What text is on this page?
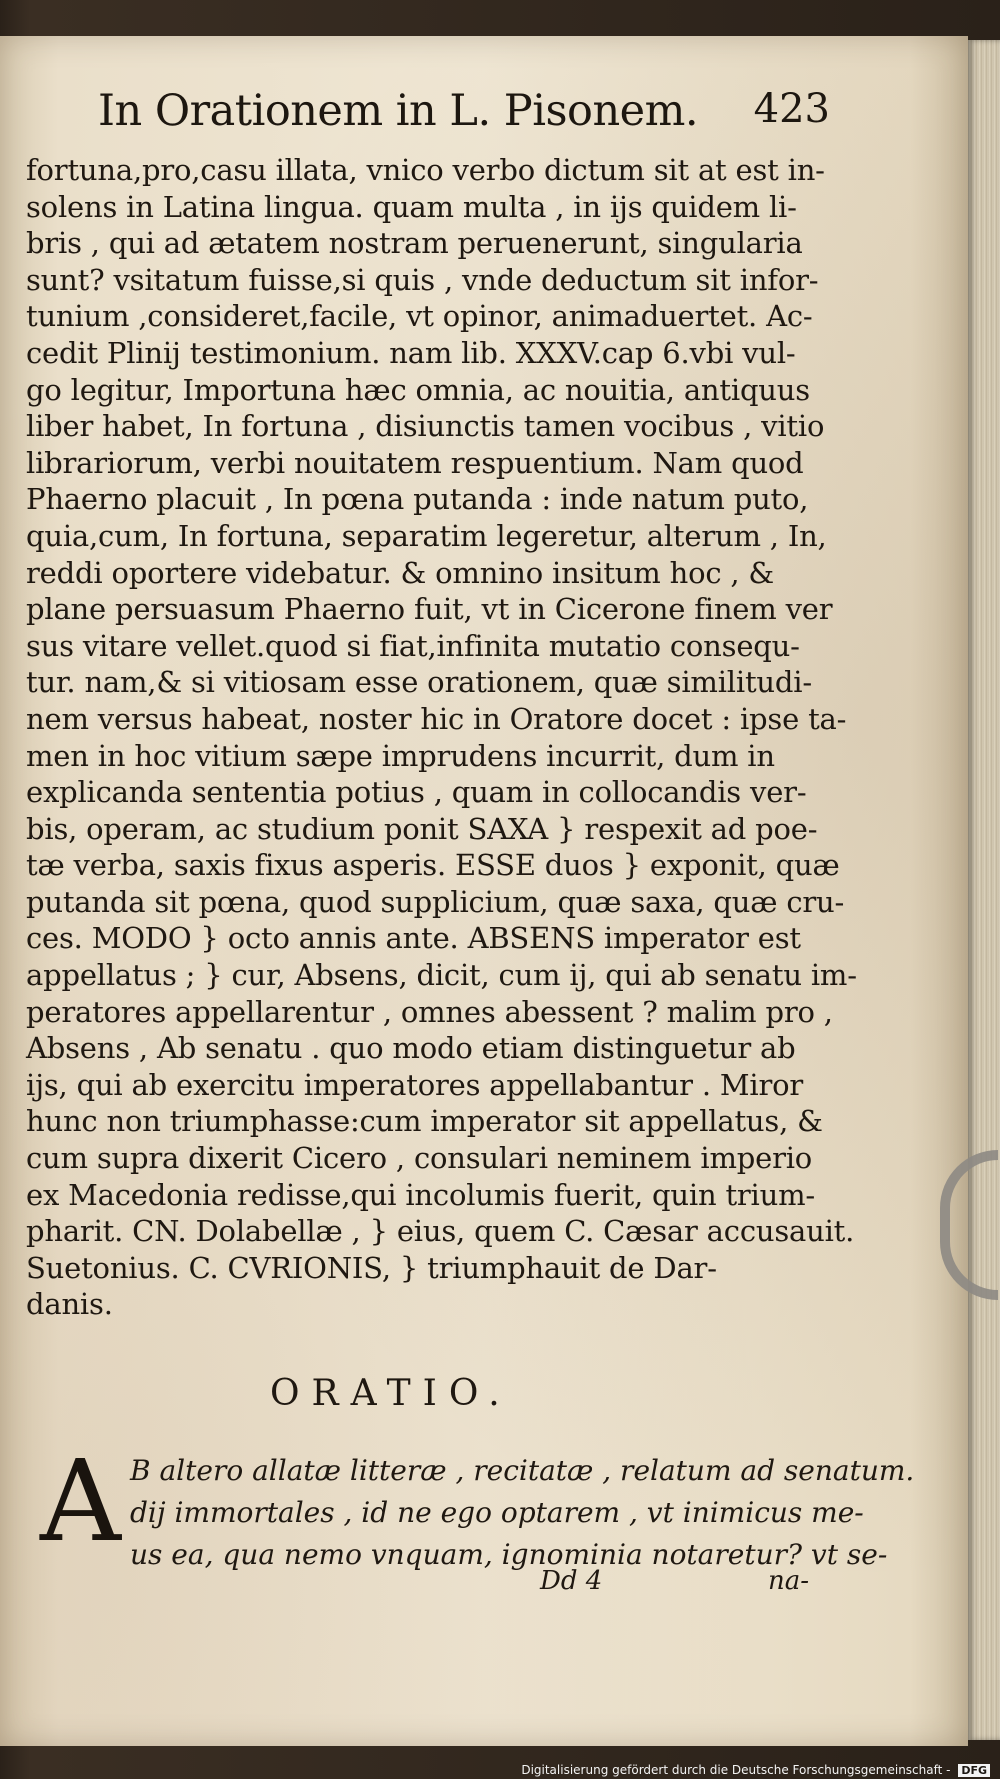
In Orationem in L. Pisonem. 423
fortuna,pro,casu illata, vnico verbo dictum sit at est in-
solens in Latina lingua. quam multa , in ijs quidem li-
bris , qui ad ætatem nostram peruenerunt, singularia
sunt? vsitatum fuisse,si quis , vnde deductum sit infor-
tunium ,consideret,facile, vt opinor, animaduertet. Ac-
cedit Plinij testimonium. nam lib. XXXV.cap 6.vbi vul-
go legitur, Importuna hæc omnia, ac nouitia, antiquus
liber habet, In fortuna , disiunctis tamen vocibus , vitio
librariorum, verbi nouitatem respuentium. Nam quod
Phaerno placuit , In pœna putanda : inde natum puto,
quia,cum, In fortuna, separatim legeretur, alterum , In,
reddi oportere videbatur. & omnino insitum hoc , &
plane persuasum Phaerno fuit, vt in Cicerone finem ver
sus vitare vellet.quod si fiat,infinita mutatio consequ-
tur. nam,& si vitiosam esse orationem, quæ similitudi-
nem versus habeat, noster hic in Oratore docet : ipse ta-
men in hoc vitium sæpe imprudens incurrit, dum in
explicanda sententia potius , quam in collocandis ver-
bis, operam, ac studium ponit SAXA } respexit ad poe-
tæ verba, saxis fixus asperis. ESSE duos } exponit, quæ
putanda sit pœna, quod supplicium, quæ saxa, quæ cru-
ces. MODO } octo annis ante. ABSENS imperator est
appellatus ; } cur, Absens, dicit, cum ij, qui ab senatu im-
peratores appellarentur , omnes abessent ? malim pro ,
Absens , Ab senatu . quo modo etiam distinguetur ab
ijs, qui ab exercitu imperatores appellabantur . Miror
hunc non triumphasse:cum imperator sit appellatus, &
cum supra dixerit Cicero , consulari neminem imperio
ex Macedonia redisse,qui incolumis fuerit, quin trium-
pharit. CN. Dolabellæ , } eius, quem C. Cæsar accusauit.
Suetonius. C. CVRIONIS, } triumphauit de Dar-
danis.
ORATIO.
A B altero allatæ litteræ , recitatæ , relatum ad senatum.
dij immortales , id ne ego optarem , vt inimicus me-
us ea, qua nemo vnquam, ignominia notaretur? vt se-
Dd 4	na-
Digitalisierung gefördert durch die Deutsche Forschungsgemeinschaft - DFG
